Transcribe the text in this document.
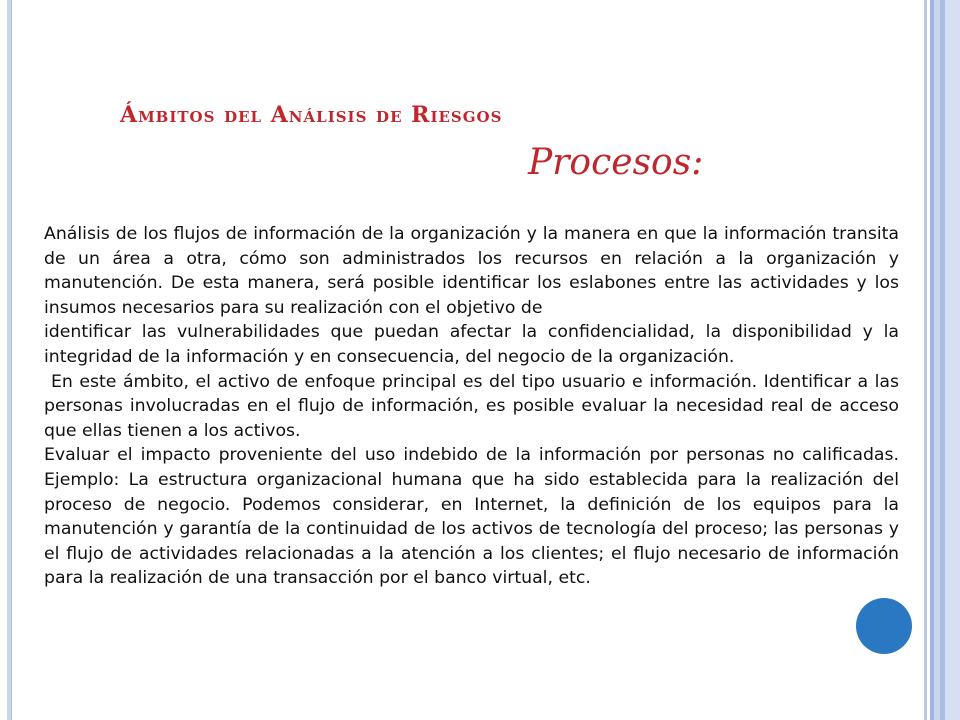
Ámbitos del Análisis de Riesgos
Procesos:

Análisis de los flujos de información de la organización y la manera en que la información transita de un área a otra, cómo son administrados los recursos en relación a la organización y manutención. De esta manera, será posible identificar los eslabones entre las actividades y los insumos necesarios para su realización con el objetivo de

identificar las vulnerabilidades que puedan afectar la confidencialidad, la disponibilidad y la integridad de la información y en consecuencia, del negocio de la organización.

En este ámbito, el activo de enfoque principal es del tipo usuario e información. Identificar a las personas involucradas en el flujo de información, es posible evaluar la necesidad real de acceso que ellas tienen a los activos.

Evaluar el impacto proveniente del uso indebido de la información por personas no calificadas. Ejemplo: La estructura organizacional humana que ha sido establecida para la realización del proceso de negocio. Podemos considerar, en Internet, la definición de los equipos para la manutención y garantía de la continuidad de los activos de tecnología del proceso; las personas y el flujo de actividades relacionadas a la atención a los clientes; el flujo necesario de información para la realización de una transacción por el banco virtual, etc.
